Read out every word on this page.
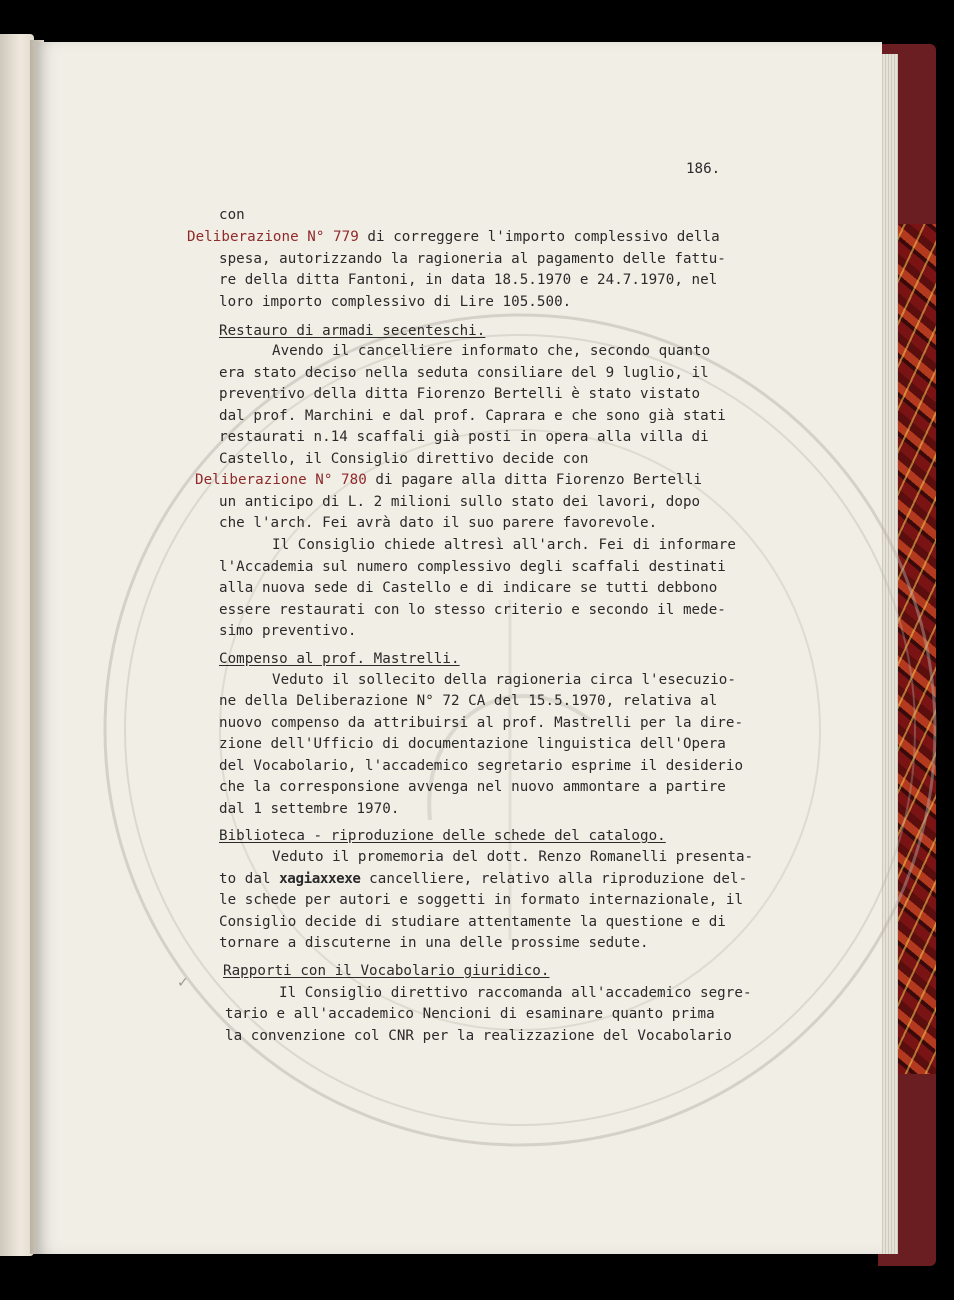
186.
con
Deliberazione N° 779 di correggere l'importo complessivo della
spesa, autorizzando la ragioneria al pagamento delle fattu-
re della ditta Fantoni, in data 18.5.1970 e 24.7.1970, nel
loro importo complessivo di Lire 105.500.
Restauro di armadi secenteschi.
Avendo il cancelliere informato che, secondo quanto
era stato deciso nella seduta consiliare del 9 luglio, il
preventivo della ditta Fiorenzo Bertelli è stato vistato
dal prof. Marchini e dal prof. Caprara e che sono già stati
restaurati n.14 scaffali già posti in opera alla villa di
Castello, il Consiglio direttivo decide con
Deliberazione N° 780 di pagare alla ditta Fiorenzo Bertelli
un anticipo di L. 2 milioni sullo stato dei lavori, dopo
che l'arch. Fei avrà dato il suo parere favorevole.
Il Consiglio chiede altresì all'arch. Fei di informare
l'Accademia sul numero complessivo degli scaffali destinati
alla nuova sede di Castello e di indicare se tutti debbono
essere restaurati con lo stesso criterio e secondo il mede-
simo preventivo.
Compenso al prof. Mastrelli.
Veduto il sollecito della ragioneria circa l'esecuzio-
ne della Deliberazione N° 72 CA del 15.5.1970, relativa al
nuovo compenso da attribuirsi al prof. Mastrelli per la dire-
zione dell'Ufficio di documentazione linguistica dell'Opera
del Vocabolario, l'accademico segretario esprime il desiderio
che la corresponsione avvenga nel nuovo ammontare a partire
dal 1 settembre 1970.
Biblioteca - riproduzione delle schede del catalogo.
Veduto il promemoria del dott. Renzo Romanelli presenta-
to dal xagiaxxexe cancelliere, relativo alla riproduzione del-
le schede per autori e soggetti in formato internazionale, il
Consiglio decide di studiare attentamente la questione e di
tornare a discuterne in una delle prossime sedute.
✓
Rapporti con il Vocabolario giuridico.
Il Consiglio direttivo raccomanda all'accademico segre-
tario e all'accademico Nencioni di esaminare quanto prima
la convenzione col CNR per la realizzazione del Vocabolario
